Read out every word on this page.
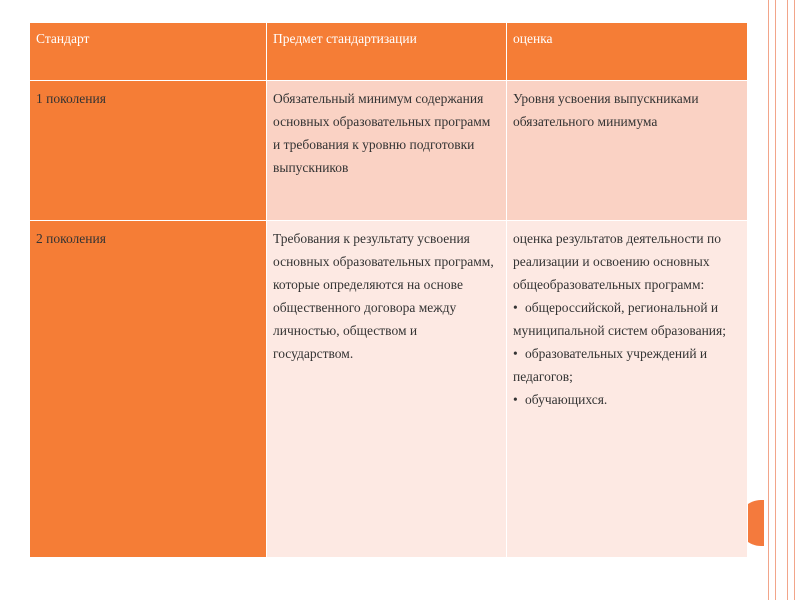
Стандарт	Предмет стандартизации	оценка
1 поколения	Обязательный минимум содержания основных образовательных программ и требования к уровню подготовки выпускников	Уровня усвоения выпускниками обязательного минимума

2 поколения	Требования к результату усвоения основных образовательных программ, которые определяются на основе общественного договора между личностью, обществом и государством.	оценка результатов деятельности по реализации и освоению основных общеобразовательных программ:
• общероссийской, региональной и муниципальной систем образования;
• образовательных учреждений и педагогов;
• обучающихся.
